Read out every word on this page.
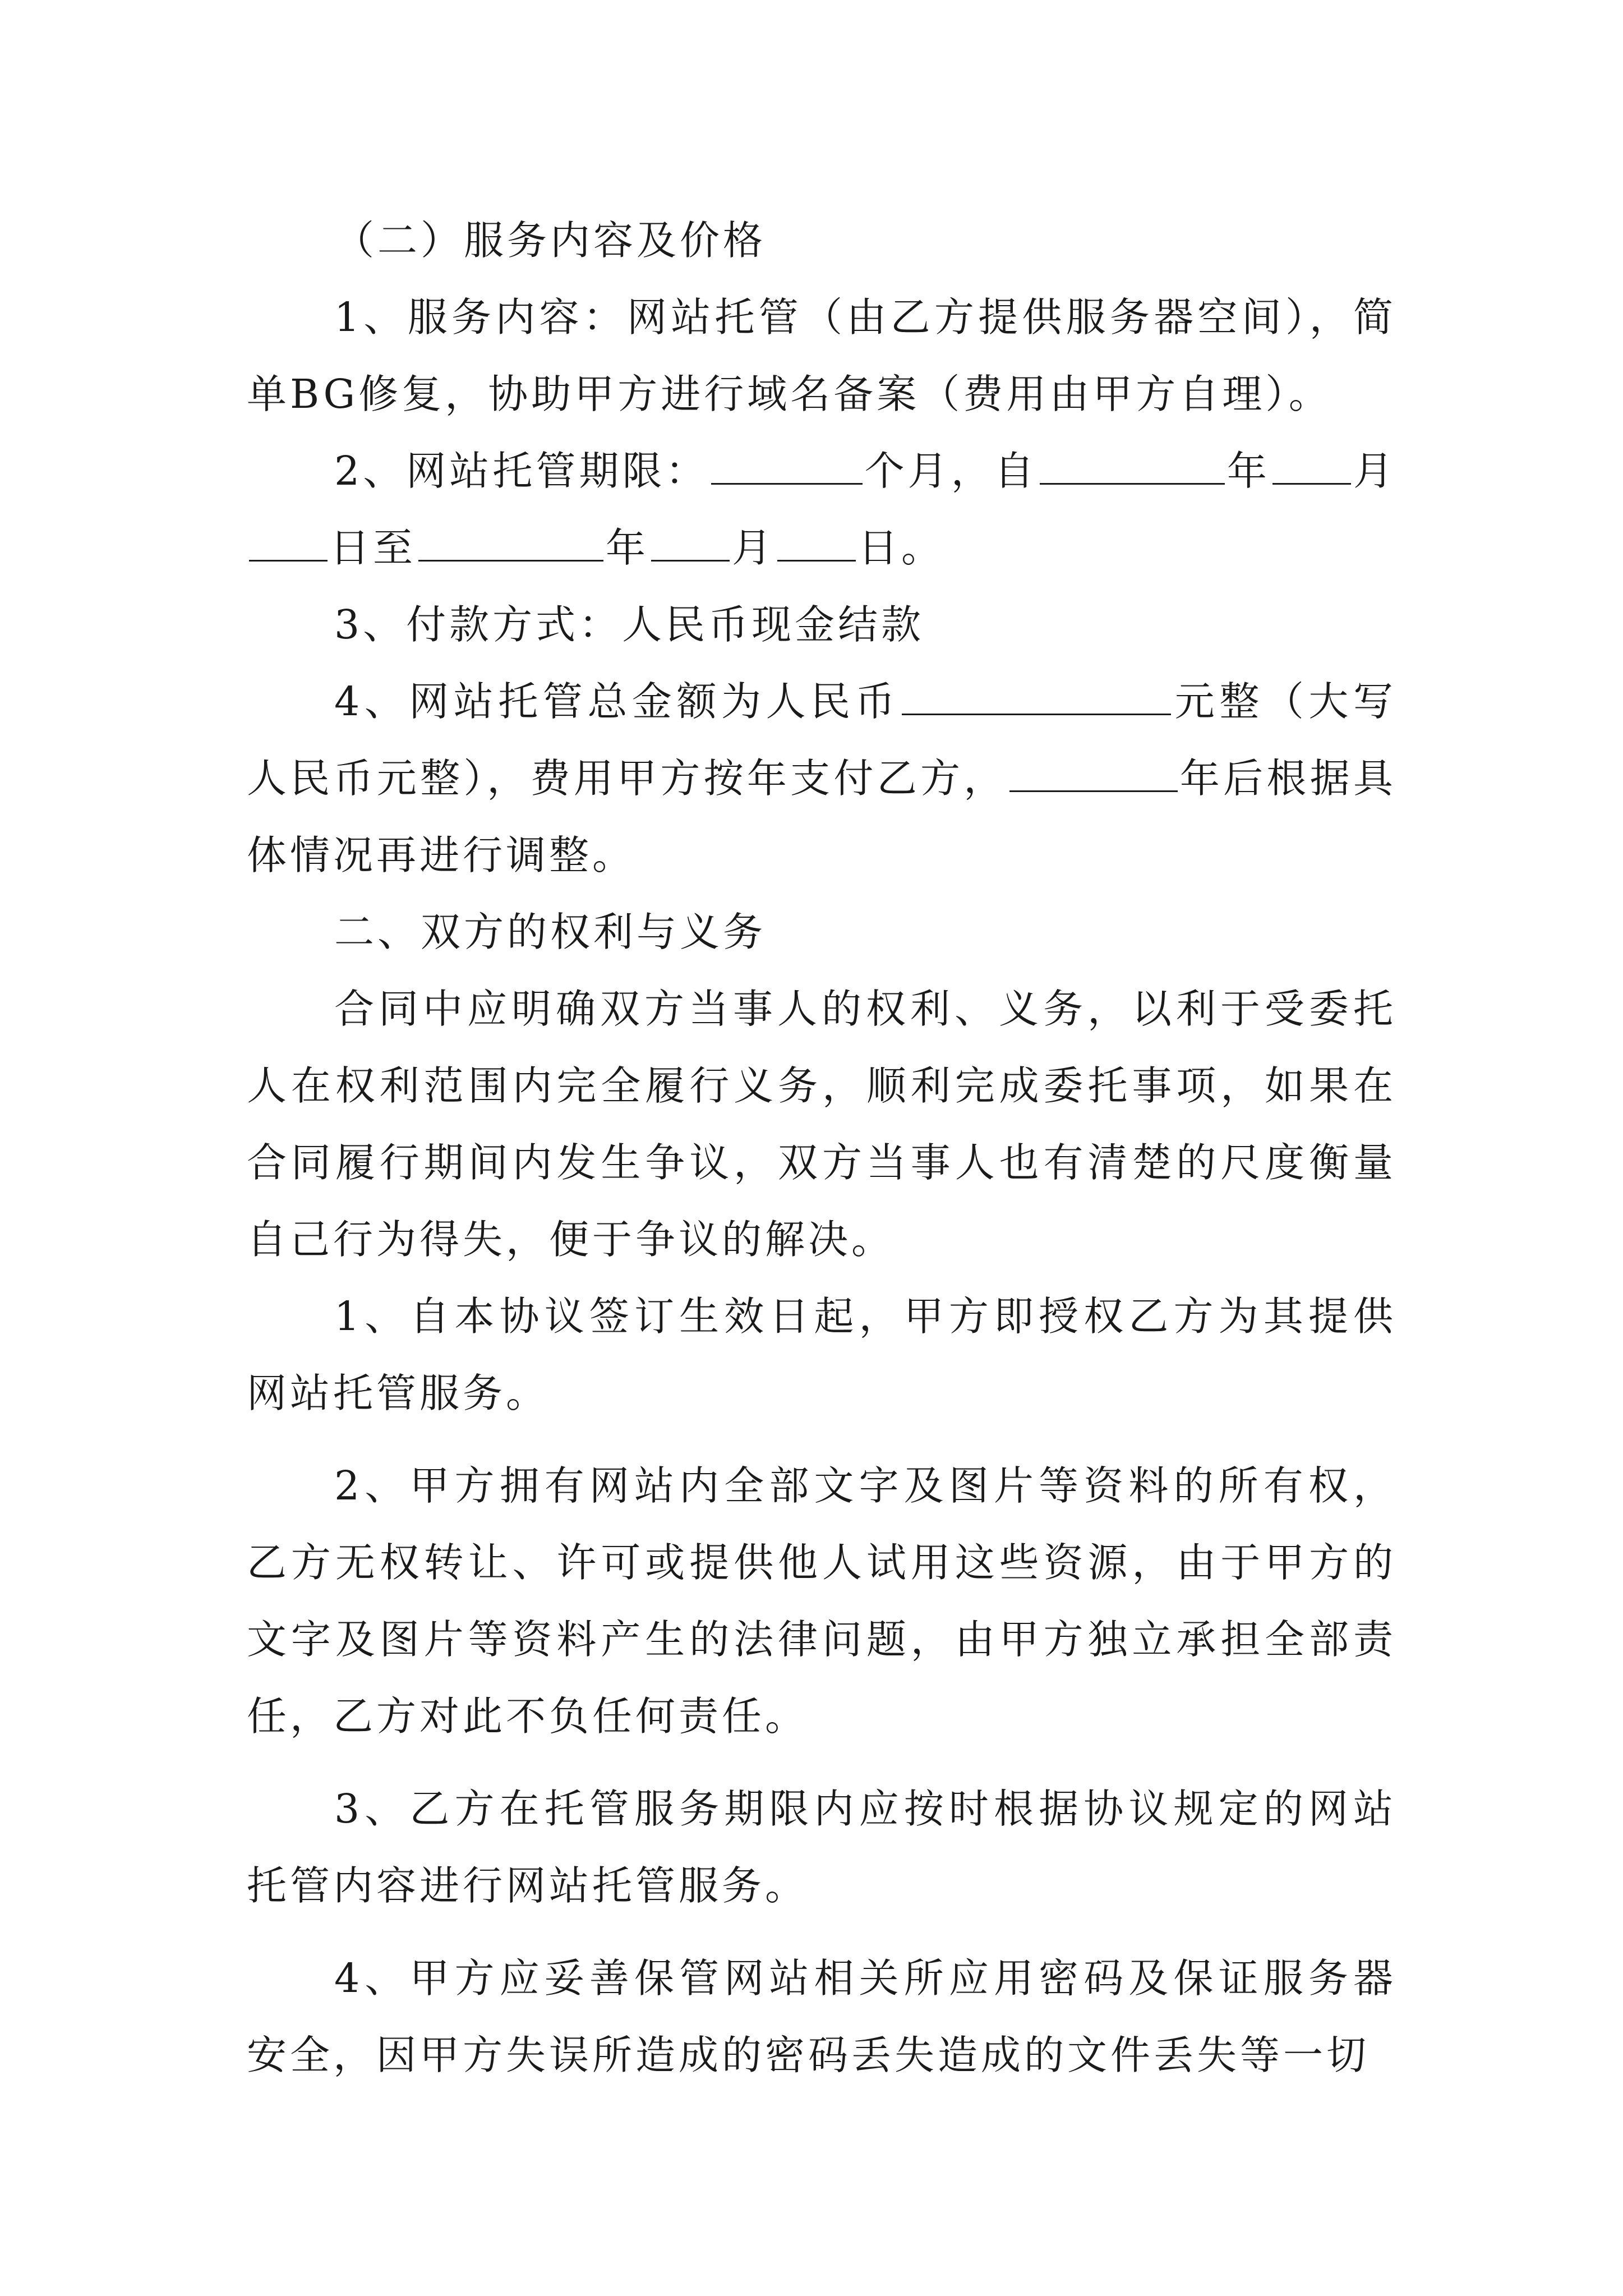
（二）服务内容及价格

1、服务内容：网站托管（由乙方提供服务器空间），简单BG修复，协助甲方进行域名备案（费用由甲方自理）。

2、网站托管期限：	个月，自	年 月日至	年 月 日。

3、付款方式：人民币现金结款

4、网站托管总金额为人民币	元整（大写人民币元整），费用甲方按年支付乙方，	年后根据具体情况再进行调整。

二、双方的权利与义务

合同中应明确双方当事人的权利、义务，以利于受委托人在权利范围内完全履行义务，顺利完成委托事项，如果在合同履行期间内发生争议，双方当事人也有清楚的尺度衡量自己行为得失，便于争议的解决。

1、自本协议签订生效日起，甲方即授权乙方为其提供网站托管服务。

2、甲方拥有网站内全部文字及图片等资料的所有权，乙方无权转让、许可或提供他人试用这些资源，由于甲方的文字及图片等资料产生的法律问题，由甲方独立承担全部责任，乙方对此不负任何责任。

3、乙方在托管服务期限内应按时根据协议规定的网站托管内容进行网站托管服务。

4、甲方应妥善保管网站相关所应用密码及保证服务器安全，因甲方失误所造成的密码丢失造成的文件丢失等一切
